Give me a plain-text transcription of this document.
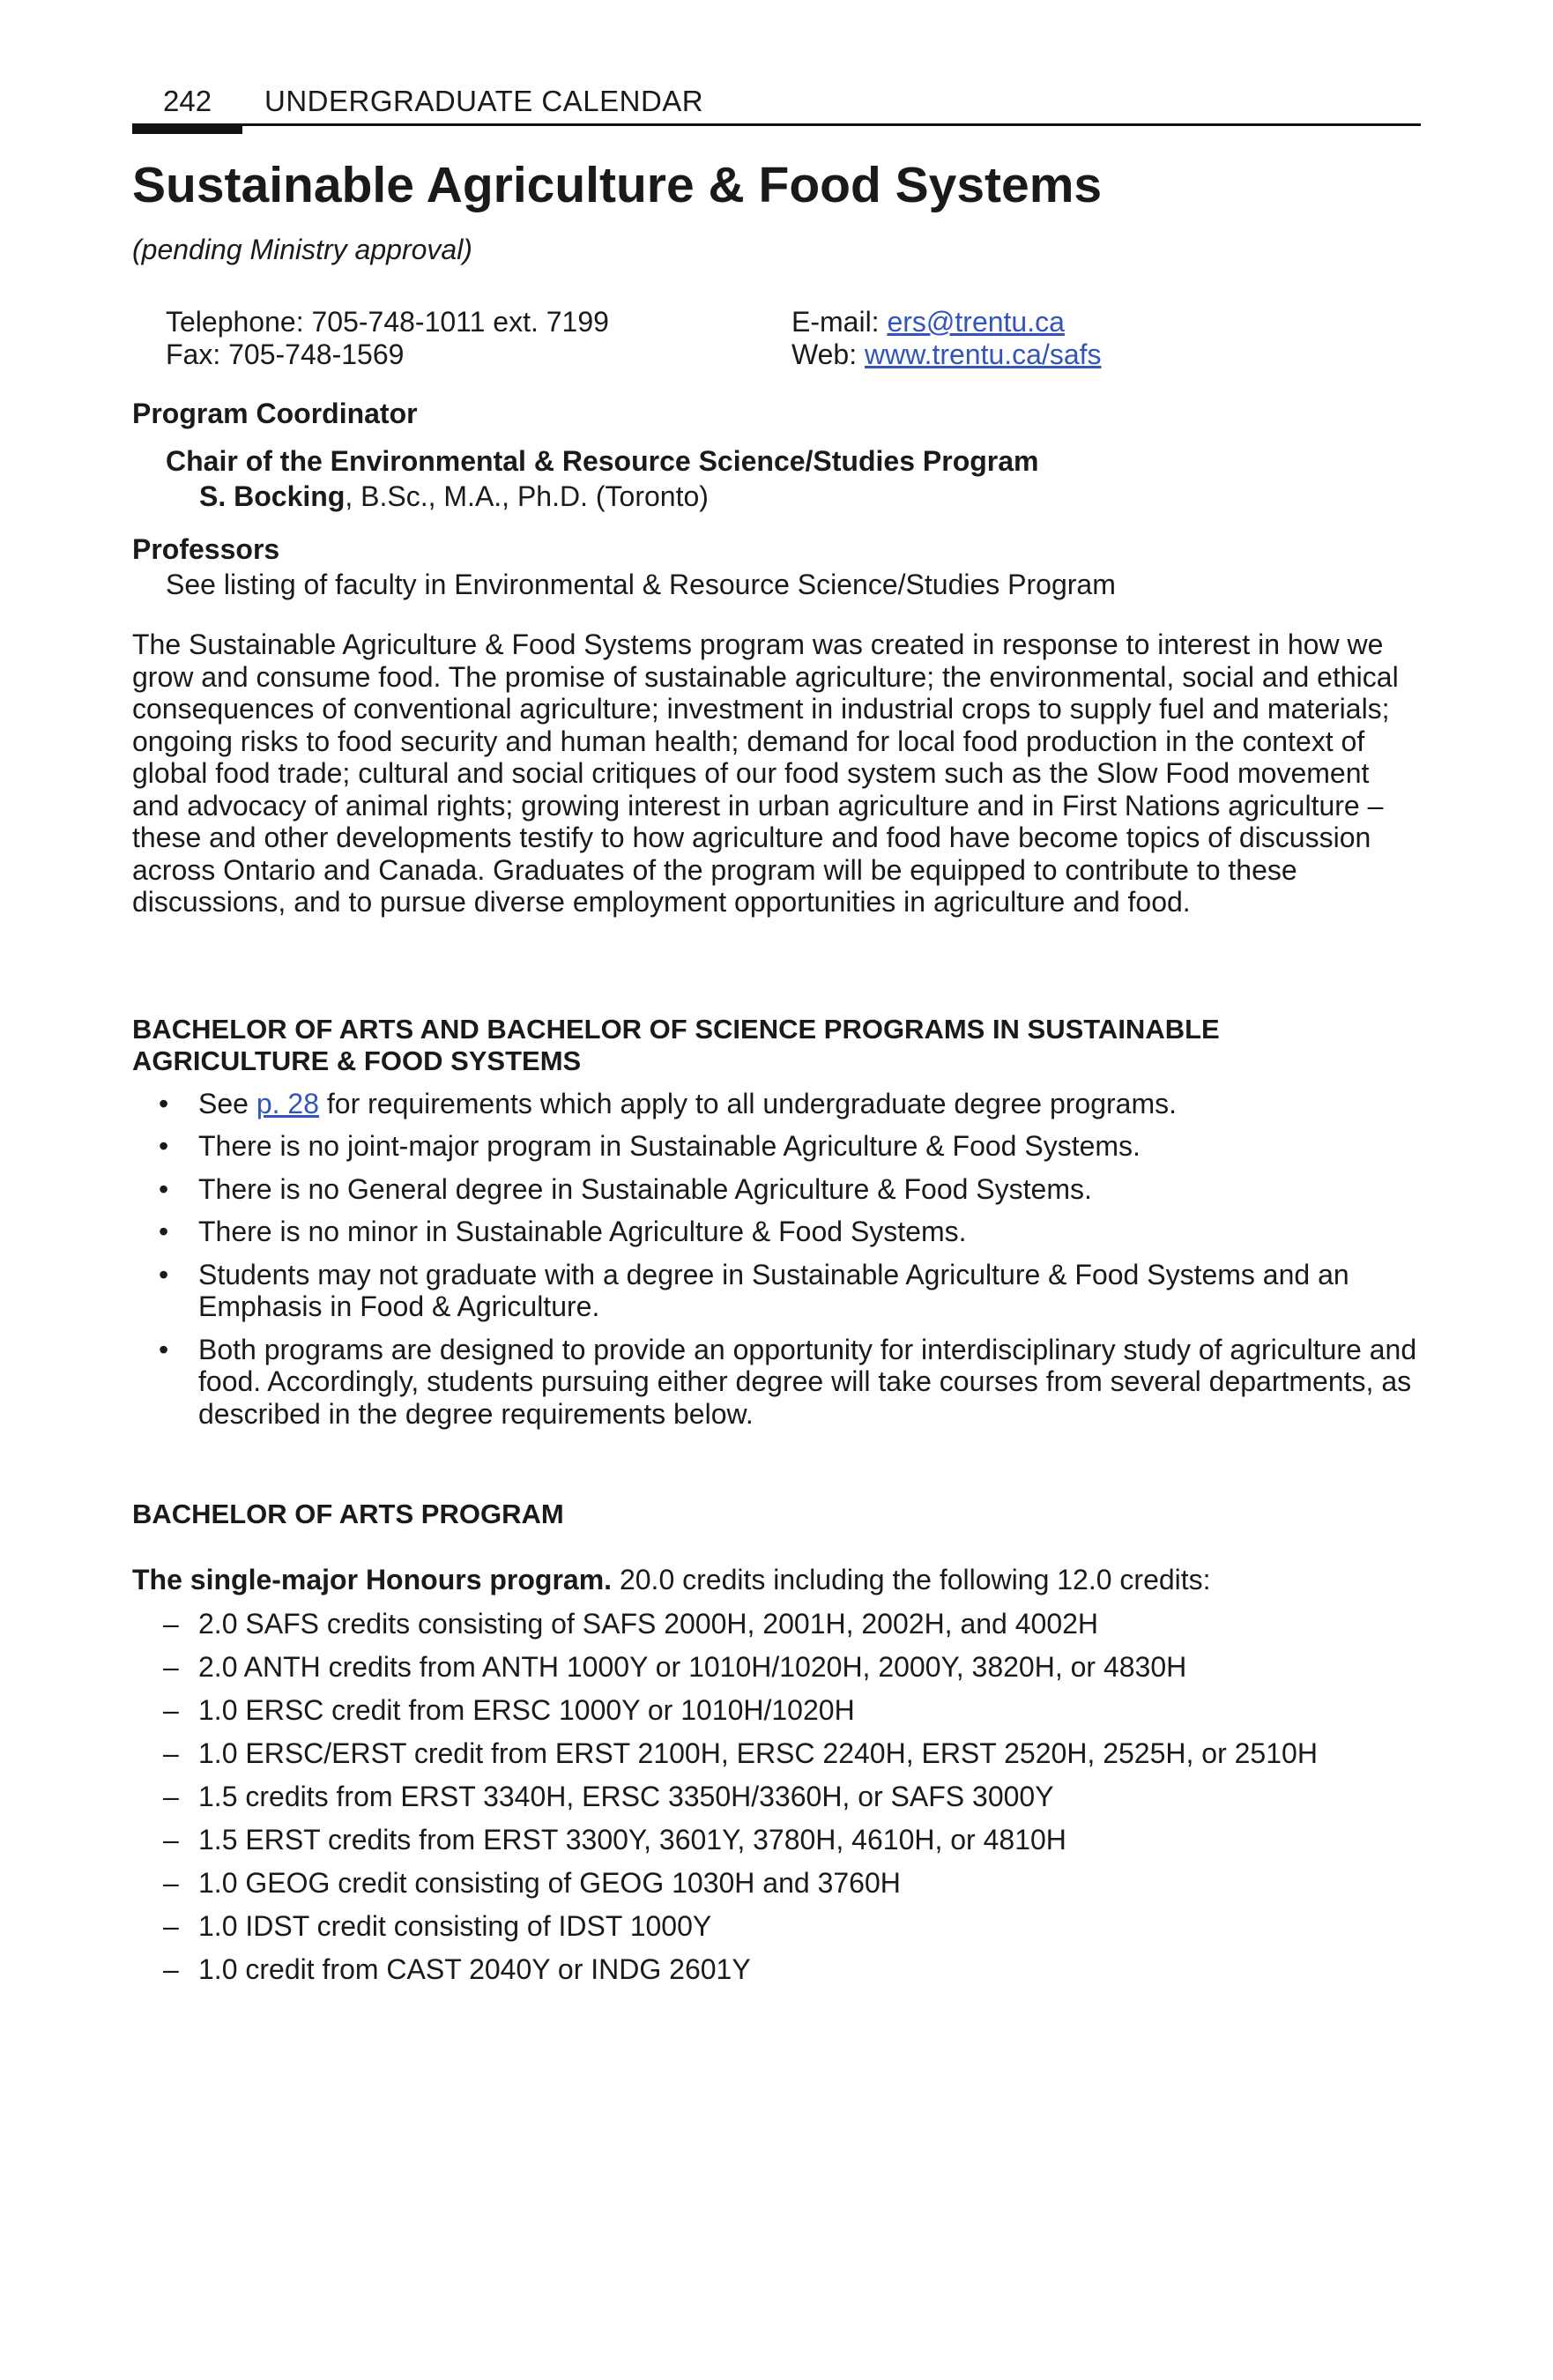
242 UNDERGRADUATE CALENDAR
Sustainable Agriculture & Food Systems
(pending Ministry approval)
Telephone: 705-748-1011 ext. 7199
Fax: 705-748-1569
E-mail: ers@trentu.ca
Web: www.trentu.ca/safs
Program Coordinator
Chair of the Environmental & Resource Science/Studies Program
S. Bocking, B.Sc., M.A., Ph.D. (Toronto)
Professors
See listing of faculty in Environmental & Resource Science/Studies Program
The Sustainable Agriculture & Food Systems program was created in response to interest in how we grow and consume food. The promise of sustainable agriculture; the environmental, social and ethical consequences of conventional agriculture; investment in industrial crops to supply fuel and materials; ongoing risks to food security and human health; demand for local food production in the context of global food trade; cultural and social critiques of our food system such as the Slow Food movement and advocacy of animal rights; growing interest in urban agriculture and in First Nations agriculture – these and other developments testify to how agriculture and food have become topics of discussion across Ontario and Canada. Graduates of the program will be equipped to contribute to these discussions, and to pursue diverse employment opportunities in agriculture and food.
BACHELOR OF ARTS AND BACHELOR OF SCIENCE PROGRAMS IN SUSTAINABLE AGRICULTURE & FOOD SYSTEMS
• See p. 28 for requirements which apply to all undergraduate degree programs.
• There is no joint-major program in Sustainable Agriculture & Food Systems.
• There is no General degree in Sustainable Agriculture & Food Systems.
• There is no minor in Sustainable Agriculture & Food Systems.
• Students may not graduate with a degree in Sustainable Agriculture & Food Systems and an Emphasis in Food & Agriculture.
• Both programs are designed to provide an opportunity for interdisciplinary study of agriculture and food. Accordingly, students pursuing either degree will take courses from several departments, as described in the degree requirements below.
BACHELOR OF ARTS PROGRAM
The single-major Honours program. 20.0 credits including the following 12.0 credits:
– 2.0 SAFS credits consisting of SAFS 2000H, 2001H, 2002H, and 4002H
– 2.0 ANTH credits from ANTH 1000Y or 1010H/1020H, 2000Y, 3820H, or 4830H
– 1.0 ERSC credit from ERSC 1000Y or 1010H/1020H
– 1.0 ERSC/ERST credit from ERST 2100H, ERSC 2240H, ERST 2520H, 2525H, or 2510H
– 1.5 credits from ERST 3340H, ERSC 3350H/3360H, or SAFS 3000Y
– 1.5 ERST credits from ERST 3300Y, 3601Y, 3780H, 4610H, or 4810H
– 1.0 GEOG credit consisting of GEOG 1030H and 3760H
– 1.0 IDST credit consisting of IDST 1000Y
– 1.0 credit from CAST 2040Y or INDG 2601Y
